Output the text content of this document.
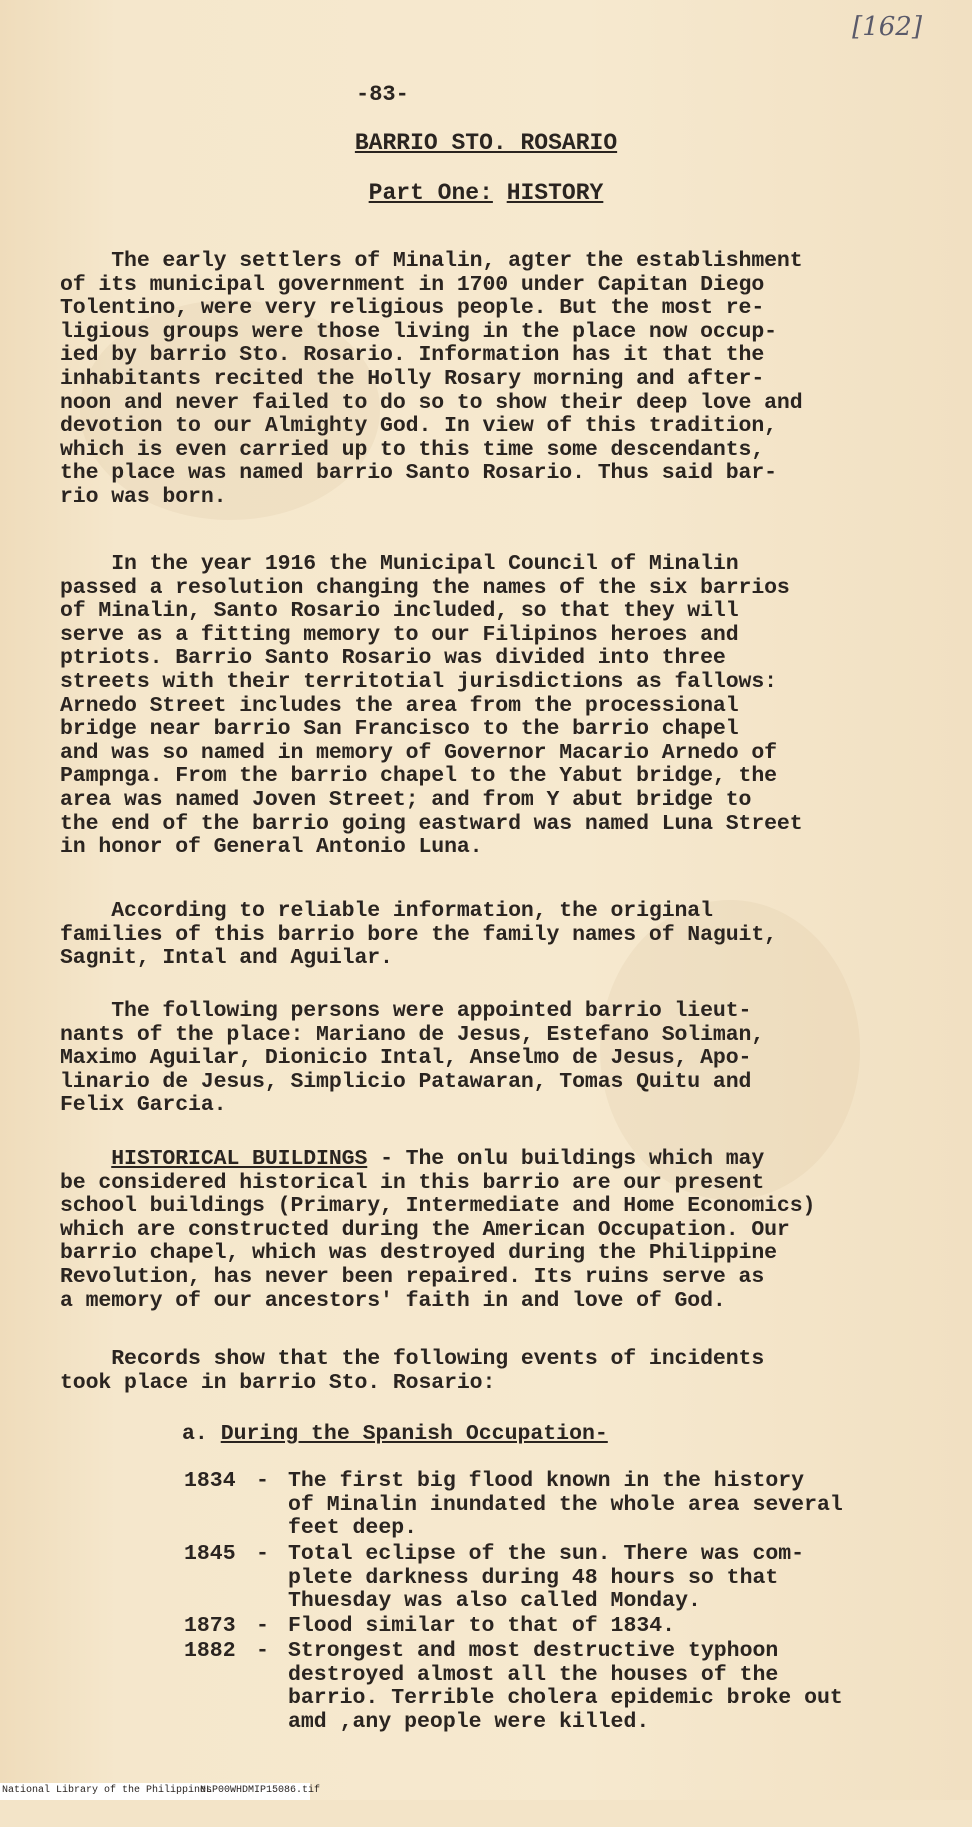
[162]
-83-
BARRIO STO. ROSARIO
Part One: HISTORY
The early settlers of Minalin, agter the establishment
of its municipal government in 1700 under Capitan Diego
Tolentino, were very religious people. But the most re-
ligious groups were those living in the place now occup-
ied by barrio Sto. Rosario. Information has it that the
inhabitants recited the Holly Rosary morning and after-
noon and never failed to do so to show their deep love and
devotion to our Almighty God. In view of this tradition,
which is even carried up to this time some descendants,
the place was named barrio Santo Rosario. Thus said bar-
rio was born.
In the year 1916 the Municipal Council of Minalin
passed a resolution changing the names of the six barrios
of Minalin, Santo Rosario included, so that they will
serve as a fitting memory to our Filipinos heroes and
ptriots. Barrio Santo Rosario was divided into three
streets with their territotial jurisdictions as fallows:
Arnedo Street includes the area from the processional
bridge near barrio San Francisco to the barrio chapel
and was so named in memory of Governor Macario Arnedo of
Pampnga. From the barrio chapel to the Yabut bridge, the
area was named Joven Street; and from Y abut bridge to
the end of the barrio going eastward was named Luna Street
in honor of General Antonio Luna.
According to reliable information, the original
families of this barrio bore the family names of Naguit,
Sagnit, Intal and Aguilar.
The following persons were appointed barrio lieut-
nants of the place: Mariano de Jesus, Estefano Soliman,
Maximo Aguilar, Dionicio Intal, Anselmo de Jesus, Apo-
linario de Jesus, Simplicio Patawaran, Tomas Quitu and
Felix Garcia.
HISTORICAL BUILDINGS - The onlu buildings which may
be considered historical in this barrio are our present
school buildings (Primary, Intermediate and Home Economics)
which are constructed during the American Occupation. Our
barrio chapel, which was destroyed during the Philippine
Revolution, has never been repaired. Its ruins serve as
a memory of our ancestors' faith in and love of God.
Records show that the following events of incidents
took place in barrio Sto. Rosario:
a. During the Spanish Occupation-
1834 - The first big flood known in the history
of Minalin inundated the whole area several
feet deep.
1845 - Total eclipse of the sun. There was com-
plete darkness during 48 hours so that
Thuesday was also called Monday.
1873 - Flood similar to that of 1834.
1882 - Strongest and most destructive typhoon
destroyed almost all the houses of the
barrio. Terrible cholera epidemic broke out
amd ,any people were killed.

National Library of the Philippines

NLP00WHDMIP15086.tif
